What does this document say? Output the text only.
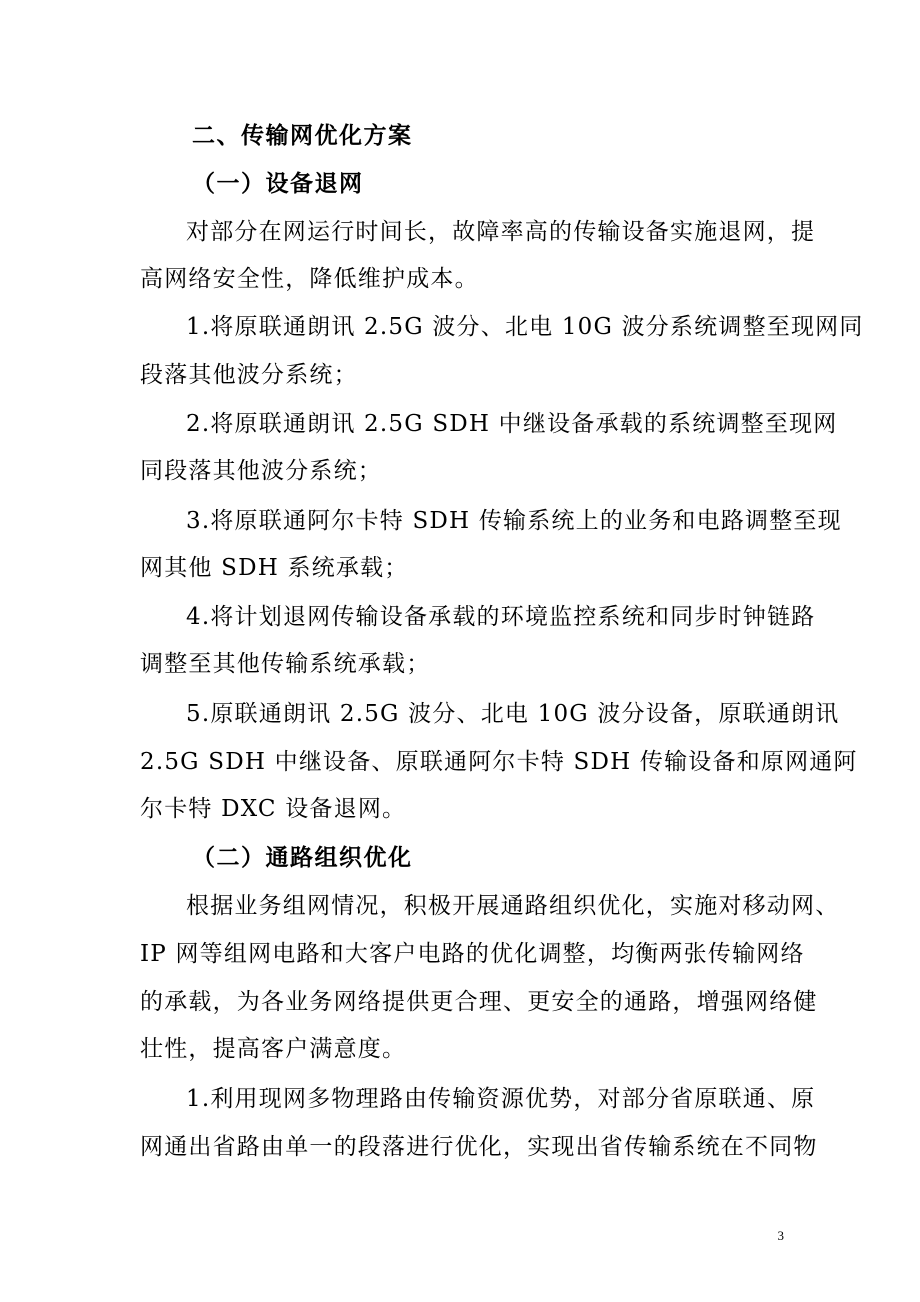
二、传输网优化方案
（一）设备退网
对部分在网运行时间长，故障率高的传输设备实施退网，提
高网络安全性，降低维护成本。
1.将原联通朗讯 2.5G 波分、北电 10G 波分系统调整至现网同
段落其他波分系统；
2.将原联通朗讯 2.5G SDH 中继设备承载的系统调整至现网
同段落其他波分系统；
3.将原联通阿尔卡特 SDH 传输系统上的业务和电路调整至现
网其他 SDH 系统承载；
4.将计划退网传输设备承载的环境监控系统和同步时钟链路
调整至其他传输系统承载；
5.原联通朗讯 2.5G 波分、北电 10G 波分设备，原联通朗讯
2.5G SDH 中继设备、原联通阿尔卡特 SDH 传输设备和原网通阿
尔卡特 DXC 设备退网。
（二）通路组织优化
根据业务组网情况，积极开展通路组织优化，实施对移动网、
IP 网等组网电路和大客户电路的优化调整，均衡两张传输网络
的承载，为各业务网络提供更合理、更安全的通路，增强网络健
壮性，提高客户满意度。
1.利用现网多物理路由传输资源优势，对部分省原联通、原
网通出省路由单一的段落进行优化，实现出省传输系统在不同物
3
